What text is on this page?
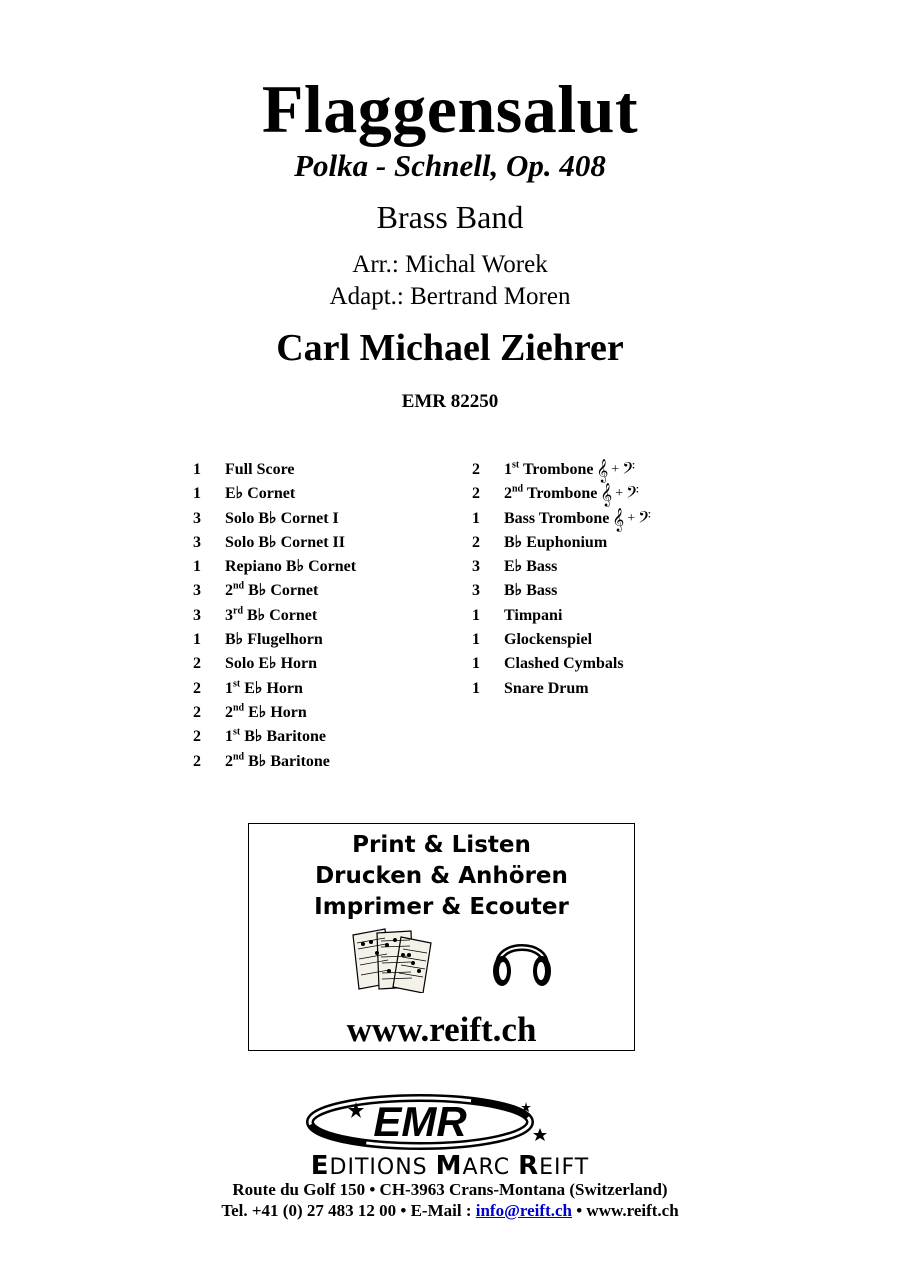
Flaggensalut
Polka - Schnell, Op. 408
Brass Band
Arr.: Michal Worek
Adapt.: Bertrand Moren
Carl Michael Ziehrer
EMR 82250
1	Full Score
1	E♭ Cornet
3	Solo B♭ Cornet I
3	Solo B♭ Cornet II
1	Repiano B♭ Cornet
3	2nd B♭ Cornet
3	3rd B♭ Cornet
1	B♭ Flugelhorn
2	Solo E♭ Horn
2	1st E♭ Horn
2	2nd E♭ Horn
2	1st B♭ Baritone
2	2nd B♭ Baritone
2	1st Trombone 𝄞 + 𝄢
2	2nd Trombone 𝄞 + 𝄢
1	Bass Trombone 𝄞 + 𝄢
2	B♭ Euphonium
3	E♭ Bass
3	B♭ Bass
1	Timpani
1	Glockenspiel
1	Clashed Cymbals
1	Snare Drum
Print & Listen
Drucken & Anhören
Imprimer & Ecouter
www.reift.ch
EMR
EDITIONS MARC REIFT
Route du Golf 150 • CH-3963 Crans-Montana (Switzerland)
Tel. +41 (0) 27 483 12 00 • E-Mail : info@reift.ch • www.reift.ch
